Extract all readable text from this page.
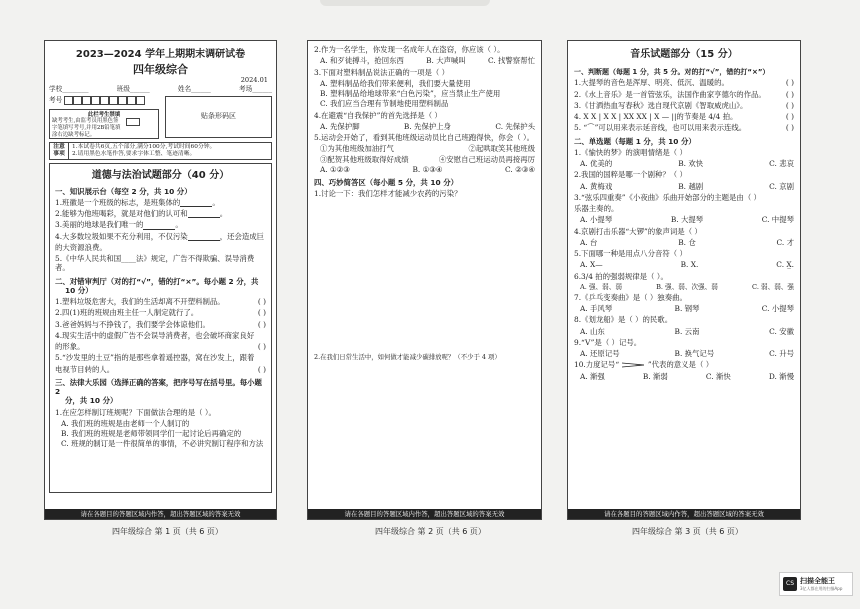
2023—2024 学年上期期末调研试卷
四年级综合
2024.01
学校________	班级______	姓名______	考场______
考号
此栏考生禁填
缺考考生,由监考员用黑色签字笔填写考号,并用2B铅笔填涂右边缺考标记。
贴条形码区
注意事项
1.本试卷共6页,五个部分,满分100分,考试时间60分钟。
2.请用黑色水笔作答,要求字体工整、笔迹清晰。
道德与法治试题部分（40 分）
一、知识展示台（每空 2 分，共 10 分）
1.班徽是一个班级的标志，是班集体的	。
2.能够为他班喝彩，就是对他们的认可和	。
3.美丽的地球是我们唯一的	。
4.大多数垃圾如果不充分利用，不仅污染	，还会造成巨
的大资源浪费。
5.《中华人民共和国____法》规定，广告不得欺骗、误导消费者。
二、对错审判厅（对的打“√”，错的打“×”。每小题 2 分，共
10 分）
1.塑料垃圾危害大，我们的生活却离不开塑料制品。	( )
2.四(1)班的班规由班主任一人制定就行了。	( )
3.爸爸妈妈与不挣钱了，我们要学会体谅他们。	( )
4.现实生活中的虚假广告不会误导消费者，也会破坏商家良好
的形象。	( )
5.“沙发里的土豆”指的是那些拿着遥控器，窝在沙发上，跟着
电视节目转的人。	( )
三、法律大乐园（选择正确的答案，把序号写在括号里。每小题 2
分，共 10 分）
1.在应怎样制订班规呢？下面做法合理的是（ ）。
A. 我们班的班规是由老师一个人制订的
B. 我们班的班规是老师带领同学们一起讨论后再确定的
C. 班规的制订是一件很简单的事情，不必讲究制订程序和方法
请在各题目的答题区域内作答，超出答题区域的答案无效
四年级综合 第 1 页（共 6 页）
2.作为一名学生，你发现一名成年人在盗窃，你应该（ ）。
A. 和歹徒搏斗，抢回东西	B. 大声喊叫	C. 找警察帮忙
3.下面对塑料制品说法正确的一项是（ ）
A. 塑料制品给我们带来便利，我们要大量使用
B. 塑料制品给地球带来“白色污染”，应当禁止生产使用
C. 我们应当合理有节制地使用塑料制品
4.在避震“自我保护”的首先选择是（ ）
A. 先保护脚	B. 先保护上身	C. 先保护头
5.运动会开始了，看到其他班级运动员比自己班跑得快，你会（ ）。
①为其他班级加油打气	②起哄取笑其他班级
③配贺其他班级取得好成绩	④安慰自己班运动员再接再厉
A. ①②③	B. ①③④	C. ②③④
四、巧妙简答区（每小题 5 分，共 10 分）
1.讨论一下：我们怎样才能减少农药的污染？
2.在我们日常生活中，如何做才能减少碳排放呢？（不少于 4 项）
请在各题目的答题区域内作答，超出答题区域的答案无效
四年级综合 第 2 页（共 6 页）
音乐试题部分（15 分）
一、判断题（每题 1 分，共 5 分。对的打“√”，错的打“×”）
1.大提琴的音色是浑厚、明亮、低沉、温暖的。	( )
2.《水上音乐》是一首管弦乐，法国作曲家亨德尔的作品。	( )
3.《甘洒热血写春秋》选自现代京剧《智取威虎山》。	( )
4. X X | X X | XX XX | X — ||的节奏是 4/4 拍。	( )
5. “⌒”可以用来表示延音线，也可以用来表示连线。	( )
二、单选题（每题 1 分，共 10 分）
1.《愉快的梦》的演唱情绪是（ ）
A. 优美的	B. 欢快	C. 悲哀
2.我国的国粹是哪一个剧种？（ ）
A. 黄梅戏	B. 越剧	C. 京剧
3.“弦乐四重奏”《小夜曲》乐曲开始部分的主题是由（ ）
乐器主奏的。
A. 小提琴	B. 大提琴	C. 中提琴
4.京剧打击乐器“大锣”的象声词是（ ）
A. 台	B. 仓	C. 才
5.下面哪一种是用点八分音符（ ）
A. X—	B. X.	C. X̲.
6.3/4 拍的强弱规律是（ ）。
A. 强、弱、弱	B. 强、弱、次强、弱	C. 弱、弱、强
7.《乒乓变奏曲》是（ ）独奏曲。
A. 手风琴	B. 钢琴	C. 小提琴
8.《划龙船》是（ ）的民歌。
A. 山东	B. 云南	C. 安徽
9.“V”是（ ）记号。
A. 还原记号	B. 换气记号	C. 升号
10.力度记号“	”代表的意义是（ ）
A. 渐强	B. 渐弱	C. 渐快	D. 渐慢
请在各题目的答题区域内作答，超出答题区域的答案无效
四年级综合 第 3 页（共 6 页）
CS 扫描全能王
3亿人都在用的扫描App
